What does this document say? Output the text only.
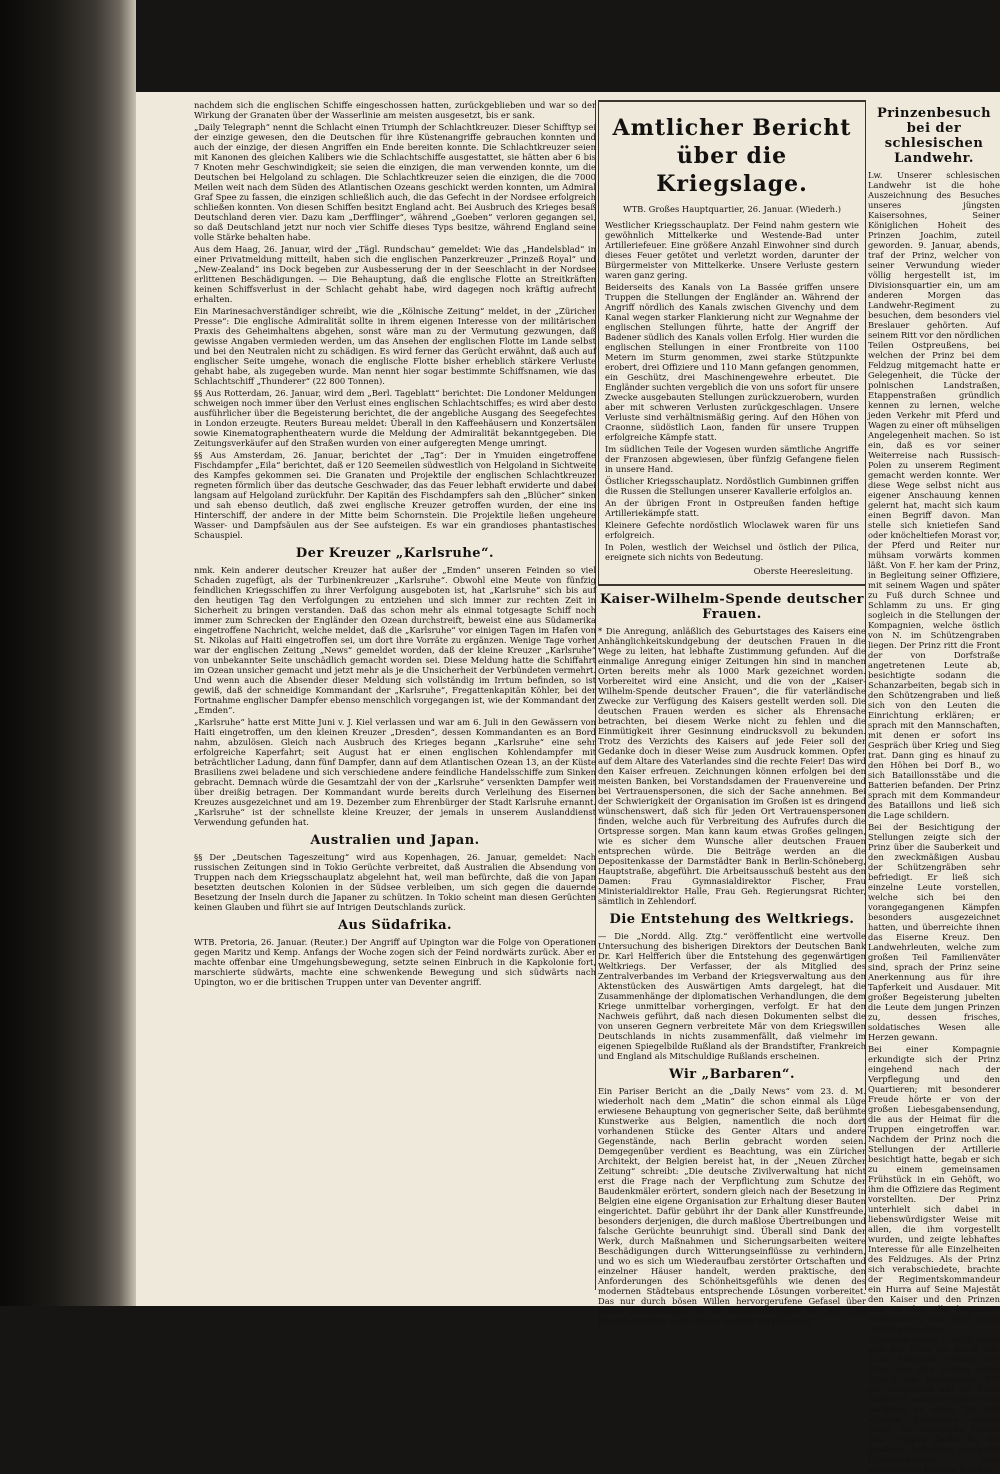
nachdem sich die englischen Schiffe eingeschossen hatten, zurückgeblieben und war so der Wirkung der Granaten über der Wasserlinie am meisten ausgesetzt, bis er sank.

„Daily Telegraph“ nennt die Schlacht einen Triumph der Schlachtkreuzer. Dieser Schifftyp sei der einzige gewesen, den die Deutschen für ihre Küstenangriffe gebrauchen konnten und auch der einzige, der diesen Angriffen ein Ende bereiten konnte. Die Schlachtkreuzer seien mit Kanonen des gleichen Kalibers wie die Schlachtschiffe ausgestattet, sie hätten aber 6 bis 7 Knoten mehr Geschwindigkeit; sie seien die einzigen, die man verwenden konnte, um die Deutschen bei Helgoland zu schlagen. Die Schlachtkreuzer seien die einzigen, die die 7000 Meilen weit nach dem Süden des Atlantischen Ozeans geschickt werden konnten, um Admiral Graf Spee zu fassen, die einzigen schließlich auch, die das Gefecht in der Nordsee erfolgreich schließen konnten. Von diesen Schiffen besitzt England acht. Bei Ausbruch des Krieges besaß Deutschland deren vier. Dazu kam „Derfflinger“, während „Goeben“ verloren gegangen sei, so daß Deutschland jetzt nur noch vier Schiffe dieses Typs besitze, während England seine volle Stärke behalten habe.

Aus dem Haag, 26. Januar, wird der „Tägl. Rundschau“ gemeldet: Wie das „Handelsblad“ in einer Privatmeldung mitteilt, haben sich die englischen Panzerkreuzer „Prinzeß Royal“ und „New-Zealand“ ins Dock begeben zur Ausbesserung der in der Seeschlacht in der Nordsee erlittenen Beschädigungen. — Die Behauptung, daß die englische Flotte an Streitkräften keinen Schiffsverlust in der Schlacht gehabt habe, wird dagegen noch kräftig aufrecht erhalten.

Ein Marinesachverständiger schreibt, wie die „Kölnische Zeitung“ meldet, in der „Züricher Presse“: Die englische Admiralität sollte in ihrem eigenen Interesse von der militärischen Praxis des Geheimhaltens abgehen, sonst wäre man zu der Vermutung gezwungen, daß gewisse Angaben vermieden werden, um das Ansehen der englischen Flotte im Lande selbst und bei den Neutralen nicht zu schädigen. Es wird ferner das Gerücht erwähnt, daß auch auf englischer Seite umgehe, wonach die englische Flotte bisher erheblich stärkere Verluste gehabt habe, als zugegeben wurde. Man nennt hier sogar bestimmte Schiffsnamen, wie das Schlachtschiff „Thunderer“ (22 800 Tonnen).

§§ Aus Rotterdam, 26. Januar, wird dem „Berl. Tageblatt“ berichtet: Die Londoner Meldungen schweigen noch immer über den Verlust eines englischen Schlachtschiffes; es wird aber desto ausführlicher über die Begeisterung berichtet, die der angebliche Ausgang des Seegefechtes in London erzeugte. Reuters Bureau meldet: Überall in den Kaffeehäusern und Konzertsälen sowie Kinematographentheatern wurde die Meldung der Admiralität bekanntgegeben. Die Zeitungsverkäufer auf den Straßen wurden von einer aufgeregten Menge umringt.

§§ Aus Amsterdam, 26. Januar, berichtet der „Tag“: Der in Ymuiden eingetroffene Fischdampfer „Eila“ berichtet, daß er 120 Seemeilen südwestlich von Helgoland in Sichtweite des Kampfes gekommen sei. Die Granaten und Projektile der englischen Schlachtkreuzer regneten förmlich über das deutsche Geschwader, das das Feuer lebhaft erwiderte und dabei langsam auf Helgoland zurückfuhr. Der Kapitän des Fischdampfers sah den „Blücher“ sinken und sah ebenso deutlich, daß zwei englische Kreuzer getroffen wurden, der eine ins Hinterschiff, der andere in der Mitte beim Schornstein. Die Projektile ließen ungeheure Wasser- und Dampfsäulen aus der See aufsteigen. Es war ein grandioses phantastisches Schauspiel.

Der Kreuzer „Karlsruhe“.

nmk. Kein anderer deutscher Kreuzer hat außer der „Emden“ unseren Feinden so viel Schaden zugefügt, als der Turbinenkreuzer „Karlsruhe“. Obwohl eine Meute von fünfzig feindlichen Kriegsschiffen zu ihrer Verfolgung ausgeboten ist, hat „Karlsruhe“ sich bis auf den heutigen Tag den Verfolgungen zu entziehen und sich immer zur rechten Zeit in Sicherheit zu bringen verstanden. Daß das schon mehr als einmal totgesagte Schiff noch immer zum Schrecken der Engländer den Ozean durchstreift, beweist eine aus Südamerika eingetroffene Nachricht, welche meldet, daß die „Karlsruhe“ vor einigen Tagen im Hafen von St. Nikolas auf Haiti eingetroffen sei, um dort ihre Vorräte zu ergänzen. Wenige Tage vorher war der englischen Zeitung „News“ gemeldet worden, daß der kleine Kreuzer „Karlsruhe“ von unbekannter Seite unschädlich gemacht worden sei. Diese Meldung hatte die Schiffahrt im Ozean unsicher gemacht und jetzt mehr als je die Unsicherheit der Verbündeten vermehrt. Und wenn auch die Absender dieser Meldung sich vollständig im Irrtum befinden, so ist gewiß, daß der schneidige Kommandant der „Karlsruhe“, Fregattenkapitän Köhler, bei der Fortnahme englischer Dampfer ebenso menschlich vorgegangen ist, wie der Kommandant der „Emden“.

„Karlsruhe“ hatte erst Mitte Juni v. J. Kiel verlassen und war am 6. Juli in den Gewässern von Haiti eingetroffen, um den kleinen Kreuzer „Dresden“, dessen Kommandanten es an Bord nahm, abzulösen. Gleich nach Ausbruch des Krieges begann „Karlsruhe“ eine sehr erfolgreiche Kaperfahrt; seit August hat er einen englischen Kohlendampfer mit beträchtlicher Ladung, dann fünf Dampfer, dann auf dem Atlantischen Ozean 13, an der Küste Brasiliens zwei beladene und sich verschiedene andere feindliche Handelsschiffe zum Sinken gebracht. Demnach würde die Gesamtzahl der von der „Karlsruhe“ versenkten Dampfer weit über dreißig betragen. Der Kommandant wurde bereits durch Verleihung des Eisernen Kreuzes ausgezeichnet und am 19. Dezember zum Ehrenbürger der Stadt Karlsruhe ernannt. „Karlsruhe“ ist der schnellste kleine Kreuzer, der jemals in unserem Auslanddienst Verwendung gefunden hat.

Australien und Japan.

§§ Der „Deutschen Tageszeitung“ wird aus Kopenhagen, 26. Januar, gemeldet: Nach russischen Zeitungen sind in Tokio Gerüchte verbreitet, daß Australien die Absendung von Truppen nach dem Kriegsschauplatz abgelehnt hat, weil man befürchte, daß die von Japan besetzten deutschen Kolonien in der Südsee verbleiben, um sich gegen die dauernde Besetzung der Inseln durch die Japaner zu schützen. In Tokio scheint man diesen Gerüchten keinen Glauben und führt sie auf Intrigen Deutschlands zurück.

Aus Südafrika.

WTB. Pretoria, 26. Januar. (Reuter.) Der Angriff auf Upington war die Folge von Operationen gegen Maritz und Kemp. Anfangs der Woche zogen sich der Feind nordwärts zurück. Aber er machte offenbar eine Umgehungsbewegung, setzte seinen Einbruch in die Kapkolonie fort, marschierte südwärts, machte eine schwenkende Bewegung und sich südwärts nach Upington, wo er die britischen Truppen unter van Deventer angriff.

Amtlicher Bericht über die Kriegslage.
WTB. Großes Hauptquartier, 26. Januar. (Wiederh.)

Westlicher Kriegsschauplatz. Der Feind nahm gestern wie gewöhnlich Mittelkerke und Westende-Bad unter Artilleriefeuer. Eine größere Anzahl Einwohner sind durch dieses Feuer getötet und verletzt worden, darunter der Bürgermeister von Mittelkerke. Unsere Verluste gestern waren ganz gering.

Beiderseits des Kanals von La Bassée griffen unsere Truppen die Stellungen der Engländer an. Während der Angriff nördlich des Kanals zwischen Givenchy und dem Kanal wegen starker Flankierung nicht zur Wegnahme der englischen Stellungen führte, hatte der Angriff der Badener südlich des Kanals vollen Erfolg. Hier wurden die englischen Stellungen in einer Frontbreite von 1100 Metern im Sturm genommen, zwei starke Stützpunkte erobert, drei Offiziere und 110 Mann gefangen genommen, ein Geschütz, drei Maschinengewehre erbeutet. Die Engländer suchten vergeblich die von uns sofort für unsere Zwecke ausgebauten Stellungen zurückzuerobern, wurden aber mit schweren Verlusten zurückgeschlagen. Unsere Verluste sind verhältnismäßig gering. Auf den Höhen von Craonne, südöstlich Laon, fanden für unsere Truppen erfolgreiche Kämpfe statt.

Im südlichen Teile der Vogesen wurden sämtliche Angriffe der Franzosen abgewiesen, über fünfzig Gefangene fielen in unsere Hand.

Östlicher Kriegsschauplatz. Nordöstlich Gumbinnen griffen die Russen die Stellungen unserer Kavallerie erfolglos an.

An der übrigen Front in Ostpreußen fanden heftige Artilleriekämpfe statt.

Kleinere Gefechte nordöstlich Wloclawek waren für uns erfolgreich.

In Polen, westlich der Weichsel und östlich der Pilica, ereignete sich nichts von Bedeutung.

Oberste Heeresleitung.
Kaiser-Wilhelm-Spende deutscher Frauen.

* Die Anregung, anläßlich des Geburtstages des Kaisers eine Anhänglichkeitskundgebung der deutschen Frauen in die Wege zu leiten, hat lebhafte Zustimmung gefunden. Auf die einmalige Anregung einiger Zeitungen hin sind in manchen Orten bereits mehr als 1000 Mark gezeichnet worden. Vorbereitet wird eine Ansicht, und die von der „Kaiser-Wilhelm-Spende deutscher Frauen“, die für vaterländische Zwecke zur Verfügung des Kaisers gestellt werden soll. Die deutschen Frauen werden es sicher als Ehrensache betrachten, bei diesem Werke nicht zu fehlen und die Einmütigkeit ihrer Gesinnung eindrucksvoll zu bekunden. Trotz des Verzichts des Kaisers auf jede Feier soll der Gedanke doch in dieser Weise zum Ausdruck kommen. Opfer auf dem Altare des Vaterlandes sind die rechte Feier! Das wird den Kaiser erfreuen. Zeichnungen können erfolgen bei den meisten Banken, bei Vorstandsdamen der Frauenvereine und bei Vertrauenspersonen, die sich der Sache annehmen. Bei der Schwierigkeit der Organisation im Großen ist es dringend wünschenswert, daß sich für jeden Ort Vertrauenspersonen finden, welche auch für Verbreitung des Aufrufes durch die Ortspresse sorgen. Man kann kaum etwas Großes gelingen, wie es sicher dem Wunsche aller deutschen Frauen entsprechen würde. Die Beiträge werden an die Depositenkasse der Darmstädter Bank in Berlin-Schöneberg, Hauptstraße, abgeführt. Die Arbeitsausschuß besteht aus den Damen: Frau Gymnasialdirektor Fischer, Frau Ministerialdirektor Halle, Frau Geh. Regierungsrat Richter, sämtlich in Zehlendorf.

Die Entstehung des Weltkriegs.

— Die „Nordd. Allg. Ztg.“ veröffentlicht eine wertvolle Untersuchung des bisherigen Direktors der Deutschen Bank Dr. Karl Helfferich über die Entstehung des gegenwärtigen Weltkriegs. Der Verfasser, der als Mitglied des Zentralverbandes im Verband der Kriegsverwaltung aus den Aktenstücken des Auswärtigen Amts dargelegt, hat die Zusammenhänge der diplomatischen Verhandlungen, die dem Kriege unmittelbar vorhergingen, verfolgt. Er hat den Nachweis geführt, daß nach diesen Dokumenten selbst die von unseren Gegnern verbreitete Mär von dem Kriegswillen Deutschlands in nichts zusammenfällt, daß vielmehr im eigenen Spiegelbilde Rußland als der Brandstifter, Frankreich und England als Mitschuldige Rußlands erscheinen.

Wir „Barbaren“.

Ein Pariser Bericht an die „Daily News“ vom 23. d. M. wiederholt nach dem „Matin“ die schon einmal als Lüge erwiesene Behauptung von gegnerischer Seite, daß berühmte Kunstwerke aus Belgien, namentlich die noch dort vorhandenen Stücke des Genter Altars und andere Gegenstände, nach Berlin gebracht worden seien. Demgegenüber verdient es Beachtung, was ein Züricher Architekt, der Belgien bereist hat, in der „Neuen Zürcher Zeitung“ schreibt: „Die deutsche Zivilverwaltung hat nicht erst die Frage nach der Verpflichtung zum Schutze der Baudenkmäler erörtert, sondern gleich nach der Besetzung in Belgien eine eigene Organisation zur Erhaltung dieser Bauten eingerichtet. Dafür gebührt ihr der Dank aller Kunstfreunde, besonders derjenigen, die durch maßlose Übertreibungen und falsche Gerüchte beunruhigt sind. Überall sind Dank der Werk, durch Maßnahmen und Sicherungsarbeiten weitere Beschädigungen durch Witterungseinflüsse zu verhindern, und wo es sich um Wiederaufbau zerstörter Ortschaften und einzelner Häuser handelt, werden praktische, den Anforderungen des Schönheitsgefühls wie denen des modernen Städtebaus entsprechende Lösungen vorbereitet. Das nur durch bösen Willen hervorgerufene Gefasel über blinde Herstörungssucht der Deutschen gegen alte Bau- und Kunstdenkmäler sollte daher endlich verstummen.“

Prinzenbesuch bei der schlesischen Landwehr.

Lw. Unserer schlesischen Landwehr ist die hohe Auszeichnung des Besuches unseres jüngsten Kaisersohnes, Seiner Königlichen Hoheit des Prinzen Joachim, zuteil geworden. 9. Januar, abends, traf der Prinz, welcher von seiner Verwundung wieder völlig hergestellt ist, im Divisionsquartier ein, um am anderen Morgen das Landwehr-Regiment zu besuchen, dem besonders viel Breslauer gehörten. Auf seinem Ritt vor den nördlichen Teilen Ostpreußens, bei welchen der Prinz bei dem Feldzug mitgemacht hatte er Gelegenheit, die Tücke der polnischen Landstraßen, Etappenstraßen gründlich kennen zu lernen, welche jeden Verkehr mit Pferd und Wagen zu einer oft mühseligen Angelegenheit machen. So ist ein, daß es vor seiner Weiterreise nach Russisch-Polen zu unserem Regiment gemacht werden konnte. Wer diese Wege selbst nicht aus eigener Anschauung kennen gelernt hat, macht sich kaum einen Begriff davon. Man stelle sich knietiefen Sand oder knöcheltiefen Morast vor, der Pferd und Reiter nur mühsam vorwärts kommen läßt. Von F. her kam der Prinz, in Begleitung seiner Offiziere, mit seinem Wagen und später zu Fuß durch Schnee und Schlamm zu uns. Er ging sogleich in die Stellungen der Kompagnien, welche östlich von N. im Schützengraben liegen. Der Prinz ritt die Front der von Dorfstraße angetretenen Leute ab, besichtigte sodann die Schanzarbeiten, begab sich in den Schützengraben und ließ sich von den Leuten die Einrichtung erklären; er sprach mit den Mannschaften, mit denen er sofort ins Gespräch über Krieg und Sieg trat. Dann ging es hinauf zu den Höhen bei Dorf B., wo sich Bataillonsstäbe und die Batterien befanden. Der Prinz sprach mit dem Kommandeur des Bataillons und ließ sich die Lage schildern.

Bei der Besichtigung der Stellungen zeigte sich der Prinz über die Sauberkeit und den zweckmäßigen Ausbau der Schützengräben sehr befriedigt. Er ließ sich einzelne Leute vorstellen, welche sich bei den vorangegangenen Kämpfen besonders ausgezeichnet hatten, und überreichte ihnen das Eiserne Kreuz. Den Landwehrleuten, welche zum großen Teil Familienväter sind, sprach der Prinz seine Anerkennung aus für ihre Tapferkeit und Ausdauer. Mit großer Begeisterung jubelten die Leute dem jungen Prinzen zu, dessen frisches, soldatisches Wesen alle Herzen gewann.

Bei einer Kompagnie erkundigte sich der Prinz eingehend nach der Verpflegung und den Quartieren; mit besonderer Freude hörte er von der großen Liebesgabensendung, die aus der Heimat für die Truppen eingetroffen war. Nachdem der Prinz noch die Stellungen der Artillerie besichtigt hatte, begab er sich zu einem gemeinsamen Frühstück in ein Gehöft, wo ihm die Offiziere das Regiment vorstellten. Der Prinz unterhielt sich dabei in liebenswürdigster Weise mit allen, die ihm vorgestellt wurden, und zeigte lebhaftes Interesse für alle Einzelheiten des Feldzuges. Als der Prinz sich verabschiedete, brachte der Regimentskommandeur ein Hurra auf Seine Majestät den Kaiser und den Prinzen aus, in das alle begeistert einstimmten. Der Plan eines „selbstgemachten“ Streuselkuchens — auch nahm sich der Prinz ein Stück mit. Zum Abschied erhielt der Prinz von den Leuten einen Strauß aus Tannengrün. Mit der Dunkelheit traf der Prinz wieder in seinem Quartier ein, nachdem er einen Tag voll schöner Eindrücke verlebt hatte. Als Königliche Hoheit den Truppen danke für die gastliche Aufnahme, brach der Frühstückskreis dem scheidenden Prinzen brachte.
